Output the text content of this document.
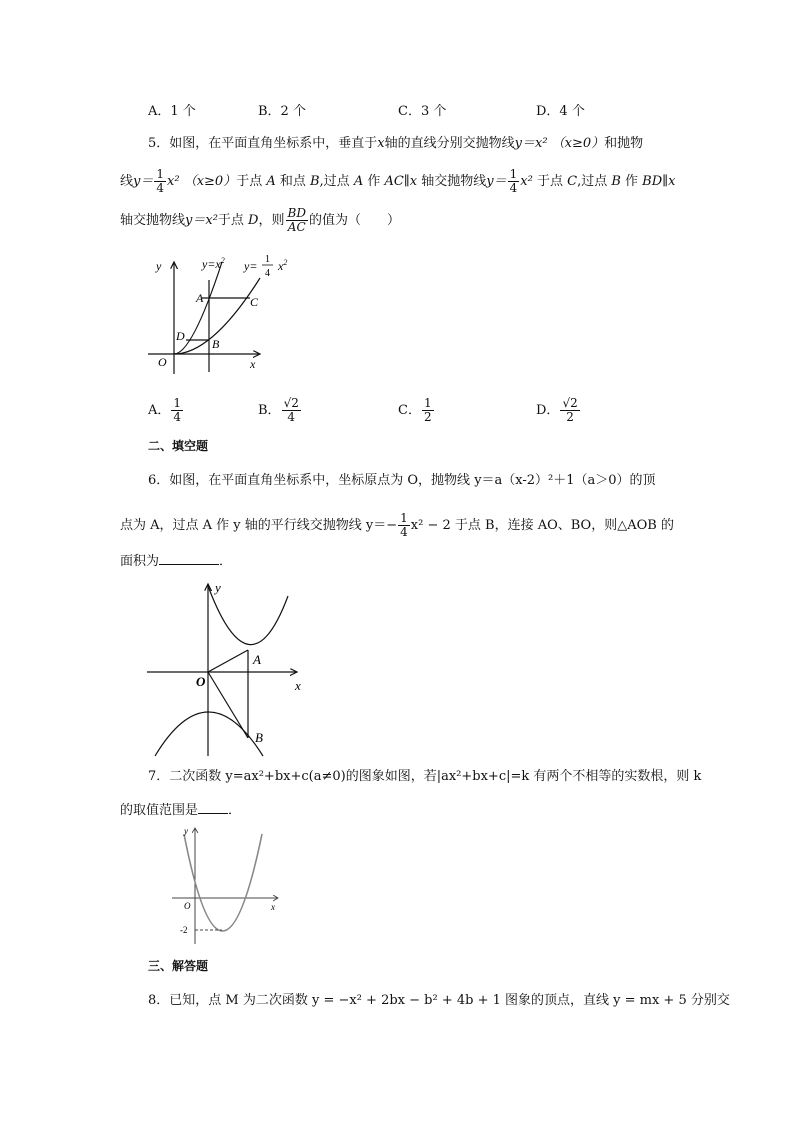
A．1 个	B．2 个	C．3 个	D．4 个
5．如图，在平面直角坐标系中，垂直于x轴的直线分别交抛物线y＝x² （x≥0）和抛物
线$y= \frac{1}{4} x^2$ （x≥0）于点 A 和点 B,过点 A 作 AC∥x 轴交抛物线$y= \frac{1}{4} x^2$ 于点 C,过点 B 作 BD∥x
轴交抛物线y＝x²于点 D，则 $\frac{BD}{AC}$ 的值为（　　）
y	$y=x^2$ y= 1
4
$x^2$
A	C
D
B
O	x
A． $\frac{1}{4}$	B． $\frac{√2}{4}$	C． $\frac{1}{2}$	D． $\frac{√2}{2}$
二、填空题
6．如图，在平面直角坐标系中，坐标原点为 O，抛物线 y＝a（x-2）²＋1（a＞0）的顶
点为 A，过点 A 作 y 轴的平行线交抛物线 $y=- \frac{1}{4} x^2 - 2$ 于点 B，连接 AO、BO，则△AOB 的
面积为	．
y
A
O	x
B
7．二次函数 y=ax²+bx+c(a≠0)的图象如图，若|ax²+bx+c|=k 有两个不相等的实数根，则 k
的取值范围是 ．
y
O	x
-2
三、解答题
8．已知，点 M 为二次函数 y = −x² + 2bx − b² + 4b + 1 图象的顶点，直线 y = mx + 5 分别交
